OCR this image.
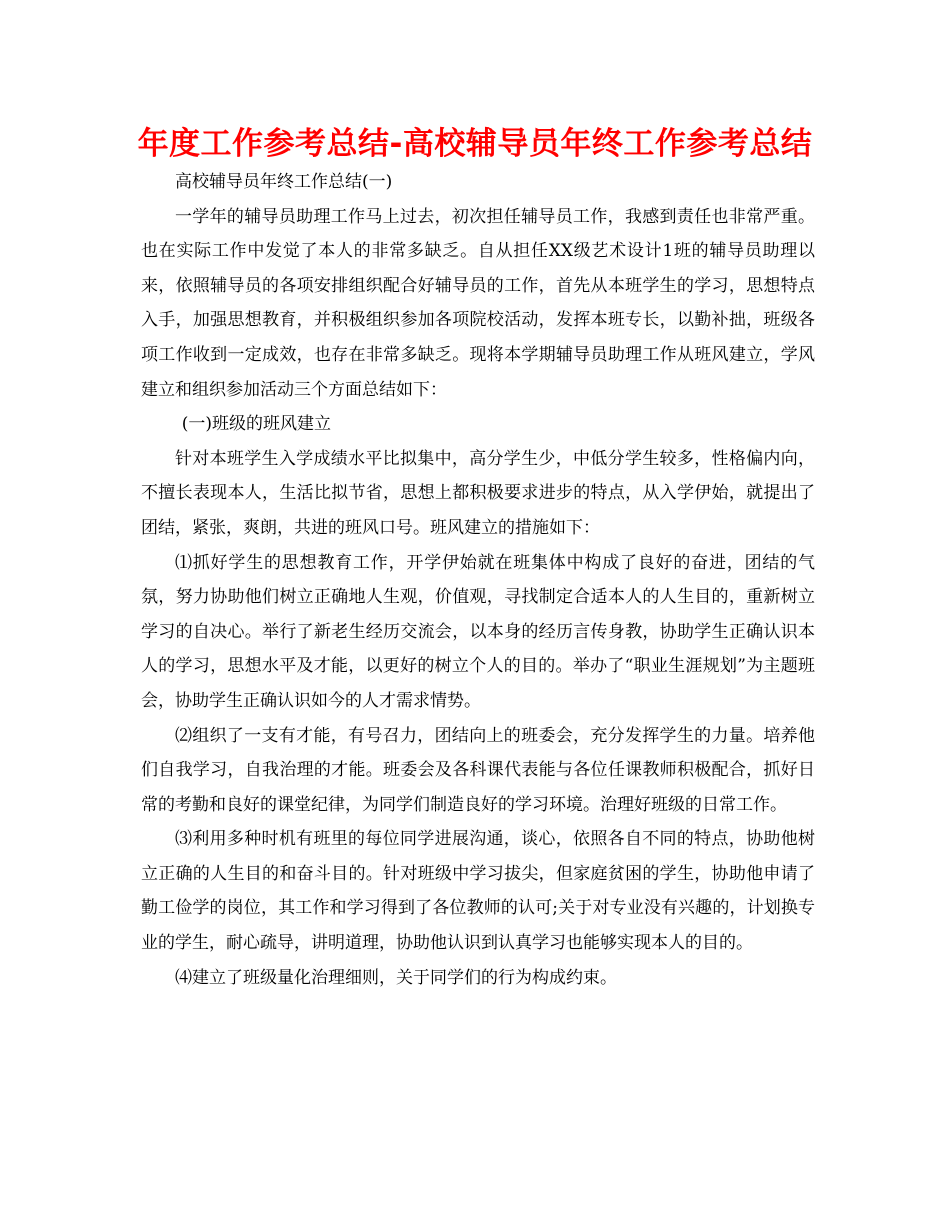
年度工作参考总结-高校辅导员年终工作参考总结

高校辅导员年终工作总结(一)

一学年的辅导员助理工作马上过去，初次担任辅导员工作，我感到责任也非常严重。也在实际工作中发觉了本人的非常多缺乏。自从担任XX级艺术设计1班的辅导员助理以来，依照辅导员的各项安排组织配合好辅导员的工作，首先从本班学生的学习，思想特点入手，加强思想教育，并积极组织参加各项院校活动，发挥本班专长，以勤补拙，班级各项工作收到一定成效，也存在非常多缺乏。现将本学期辅导员助理工作从班风建立，学风建立和组织参加活动三个方面总结如下：

(一)班级的班风建立

针对本班学生入学成绩水平比拟集中，高分学生少，中低分学生较多，性格偏内向，不擅长表现本人，生活比拟节省，思想上都积极要求进步的特点，从入学伊始，就提出了团结，紧张，爽朗，共进的班风口号。班风建立的措施如下：

⑴抓好学生的思想教育工作，开学伊始就在班集体中构成了良好的奋进，团结的气氛，努力协助他们树立正确地人生观，价值观，寻找制定合适本人的人生目的，重新树立学习的自决心。举行了新老生经历交流会，以本身的经历言传身教，协助学生正确认识本人的学习，思想水平及才能，以更好的树立个人的目的。举办了“职业生涯规划”为主题班会，协助学生正确认识如今的人才需求情势。

⑵组织了一支有才能，有号召力，团结向上的班委会，充分发挥学生的力量。培养他们自我学习，自我治理的才能。班委会及各科课代表能与各位任课教师积极配合，抓好日常的考勤和良好的课堂纪律，为同学们制造良好的学习环境。治理好班级的日常工作。

⑶利用多种时机有班里的每位同学进展沟通，谈心，依照各自不同的特点，协助他树立正确的人生目的和奋斗目的。针对班级中学习拔尖，但家庭贫困的学生，协助他申请了勤工俭学的岗位，其工作和学习得到了各位教师的认可;关于对专业没有兴趣的，计划换专业的学生，耐心疏导，讲明道理，协助他认识到认真学习也能够实现本人的目的。

⑷建立了班级量化治理细则，关于同学们的行为构成约束。
